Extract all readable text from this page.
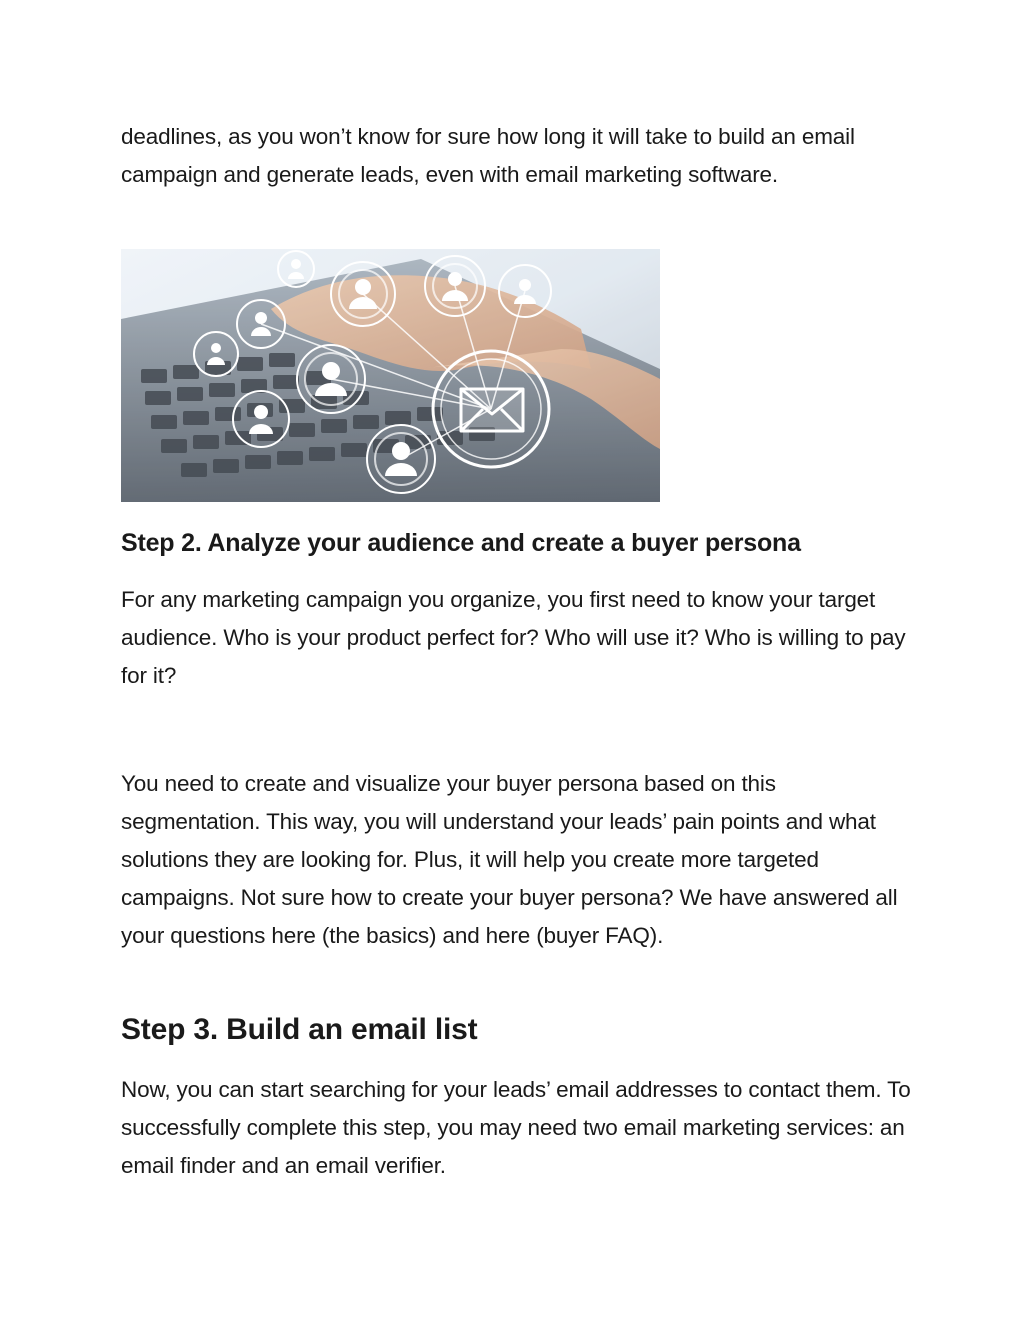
deadlines, as you won’t know for sure how long it will take to build an email campaign and generate leads, even with email marketing software.

Step 2. Analyze your audience and create a buyer persona

For any marketing campaign you organize, you first need to know your target audience. Who is your product perfect for? Who will use it? Who is willing to pay for it?

You need to create and visualize your buyer persona based on this segmentation. This way, you will understand your leads’ pain points and what solutions they are looking for. Plus, it will help you create more targeted campaigns. Not sure how to create your buyer persona? We have answered all your questions here (the basics) and here (buyer FAQ).

Step 3. Build an email list

Now, you can start searching for your leads’ email addresses to contact them. To successfully complete this step, you may need two email marketing services: an email finder and an email verifier.
